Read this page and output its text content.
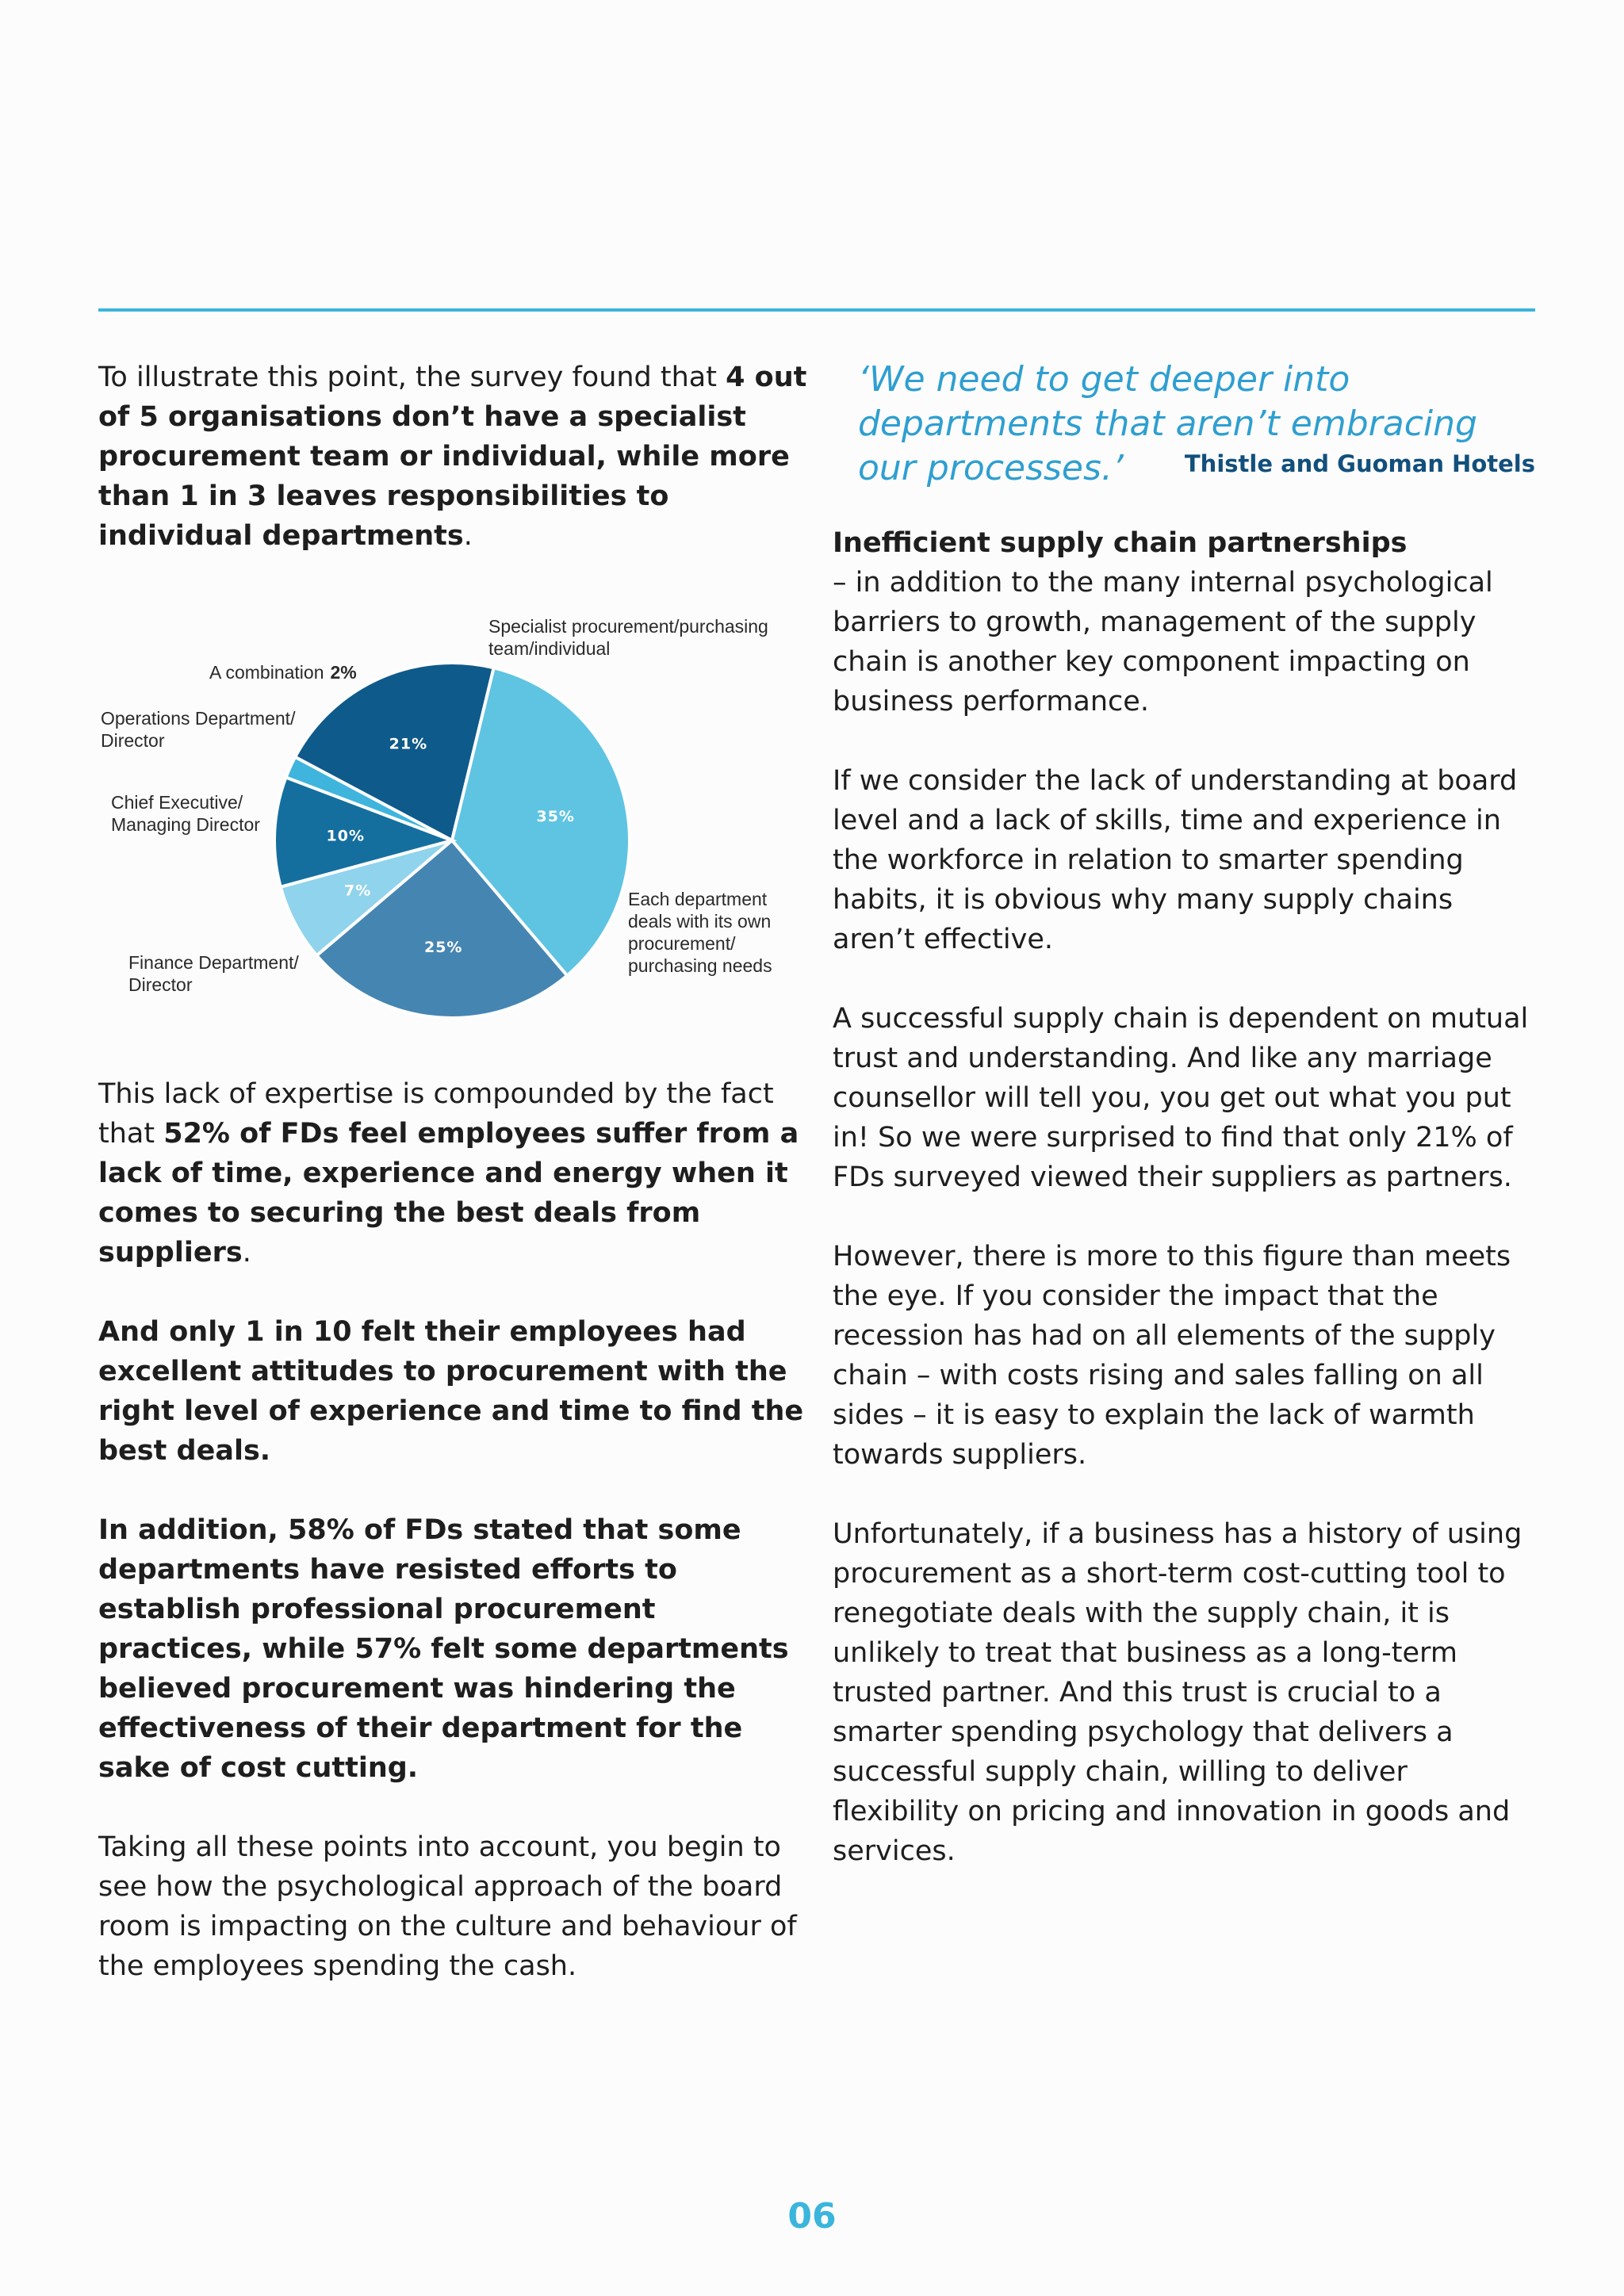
To illustrate this point, the survey found that 4 out of 5 organisations don’t have a specialist procurement team or individual, while more than 1 in 3 leaves responsibilities to individual departments.

21%
Specialist procurement/purchasing team/individual
35%
Each department deals with its own procurement/ purchasing needs
25%
Finance Department/ Director
7%
Chief Executive/ Managing Director
10%
Operations Department/ Director
A combination 2%

This lack of expertise is compounded by the fact that 52% of FDs feel employees suffer from a lack of time, experience and energy when it comes to securing the best deals from suppliers.

And only 1 in 10 felt their employees had excellent attitudes to procurement with the right level of experience and time to find the best deals.

In addition, 58% of FDs stated that some departments have resisted efforts to establish professional procurement practices, while 57% felt some departments believed procurement was hindering the effectiveness of their department for the sake of cost cutting.

Taking all these points into account, you begin to see how the psychological approach of the board room is impacting on the culture and behaviour of the employees spending the cash.

‘We need to get deeper into departments that aren’t embracing our processes.’	Thistle and Guoman Hotels

Inefficient supply chain partnerships
– in addition to the many internal psychological barriers to growth, management of the supply chain is another key component impacting on business performance.

If we consider the lack of understanding at board level and a lack of skills, time and experience in the workforce in relation to smarter spending habits, it is obvious why many supply chains aren’t effective.

A successful supply chain is dependent on mutual trust and understanding. And like any marriage counsellor will tell you, you get out what you put in! So we were surprised to find that only 21% of FDs surveyed viewed their suppliers as partners.

However, there is more to this figure than meets the eye. If you consider the impact that the recession has had on all elements of the supply chain – with costs rising and sales falling on all sides – it is easy to explain the lack of warmth towards suppliers.

Unfortunately, if a business has a history of using procurement as a short-term cost-cutting tool to renegotiate deals with the supply chain, it is unlikely to treat that business as a long-term trusted partner. And this trust is crucial to a smarter spending psychology that delivers a successful supply chain, willing to deliver flexibility on pricing and innovation in goods and services.

06
